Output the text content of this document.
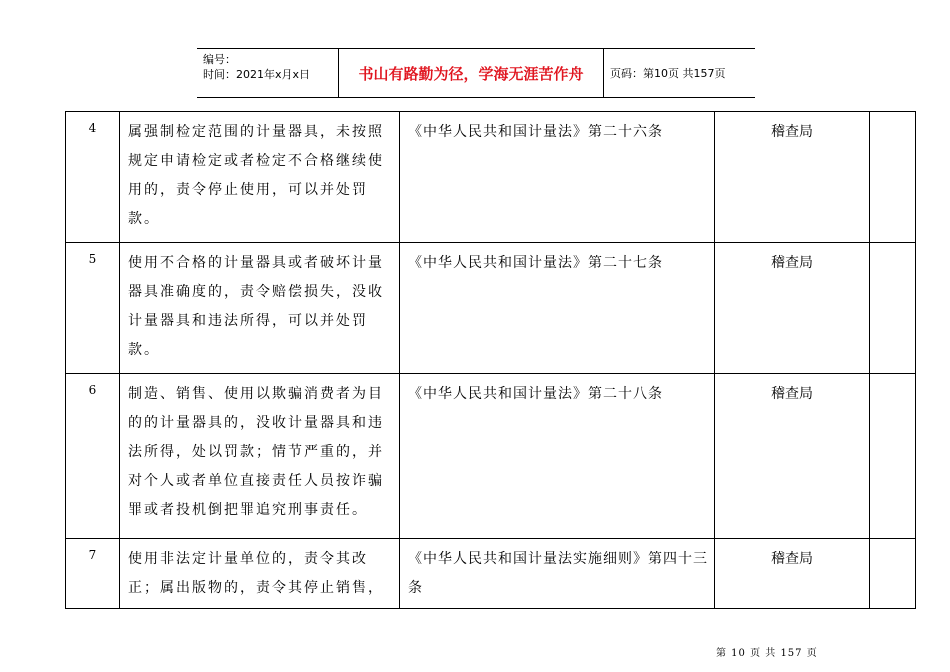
编号：
时间：2021年x月x日	书山有路勤为径，学海无涯苦作舟	页码：第10页 共157页
4	属强制检定范围的计量器具，未按照规定申请检定或者检定不合格继续使用的，责令停止使用，可以并处罚款。	《中华人民共和国计量法》第二十六条	稽查局	
5	使用不合格的计量器具或者破坏计量器具准确度的，责令赔偿损失，没收计量器具和违法所得，可以并处罚款。	《中华人民共和国计量法》第二十七条	稽查局	
6	制造、销售、使用以欺骗消费者为目的的计量器具的，没收计量器具和违法所得，处以罚款；情节严重的，并对个人或者单位直接责任人员按诈骗罪或者投机倒把罪追究刑事责任。	《中华人民共和国计量法》第二十八条	稽查局	
7	使用非法定计量单位的，责令其改正；属出版物的，责令其停止销售，	《中华人民共和国计量法实施细则》第四十三条	稽查局	
第 10 页 共 157 页
